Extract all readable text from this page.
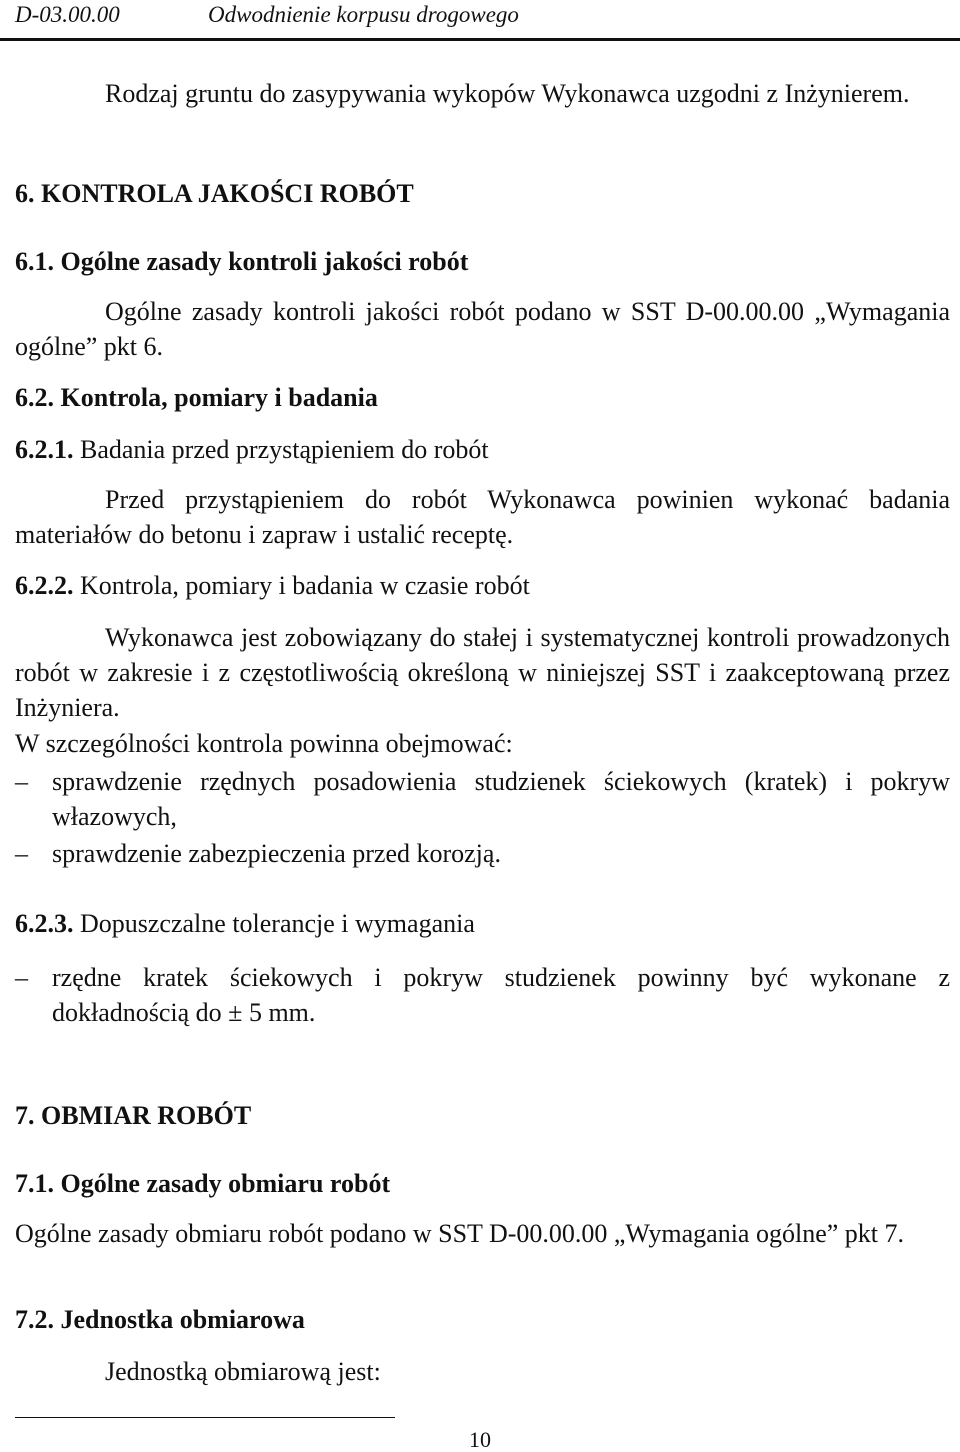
D-03.00.00	Odwodnienie korpusu drogowego

Rodzaj gruntu do zasypywania wykopów Wykonawca uzgodni z Inżynierem.

6. KONTROLA JAKOŚCI ROBÓT

6.1. Ogólne zasady kontroli jakości robót

Ogólne zasady kontroli jakości robót podano w SST D-00.00.00 „Wymagania ogólne” pkt 6.

6.2. Kontrola, pomiary i badania

6.2.1. Badania przed przystąpieniem do robót

Przed przystąpieniem do robót Wykonawca powinien wykonać badania materiałów do betonu i zapraw i ustalić receptę.

6.2.2. Kontrola, pomiary i badania w czasie robót

Wykonawca jest zobowiązany do stałej i systematycznej kontroli prowadzonych robót w zakresie i z częstotliwością określoną w niniejszej SST i zaakceptowaną przez Inżyniera.

W szczególności kontrola powinna obejmować:

– sprawdzenie rzędnych posadowienia studzienek ściekowych (kratek) i pokryw włazowych,
– sprawdzenie zabezpieczenia przed korozją.

6.2.3. Dopuszczalne tolerancje i wymagania

– rzędne kratek ściekowych i pokryw studzienek powinny być wykonane z dokładnością do ± 5 mm.

7. OBMIAR ROBÓT

7.1. Ogólne zasady obmiaru robót

Ogólne zasady obmiaru robót podano w SST D-00.00.00 „Wymagania ogólne” pkt 7.

7.2. Jednostka obmiarowa

Jednostką obmiarową jest:

10
